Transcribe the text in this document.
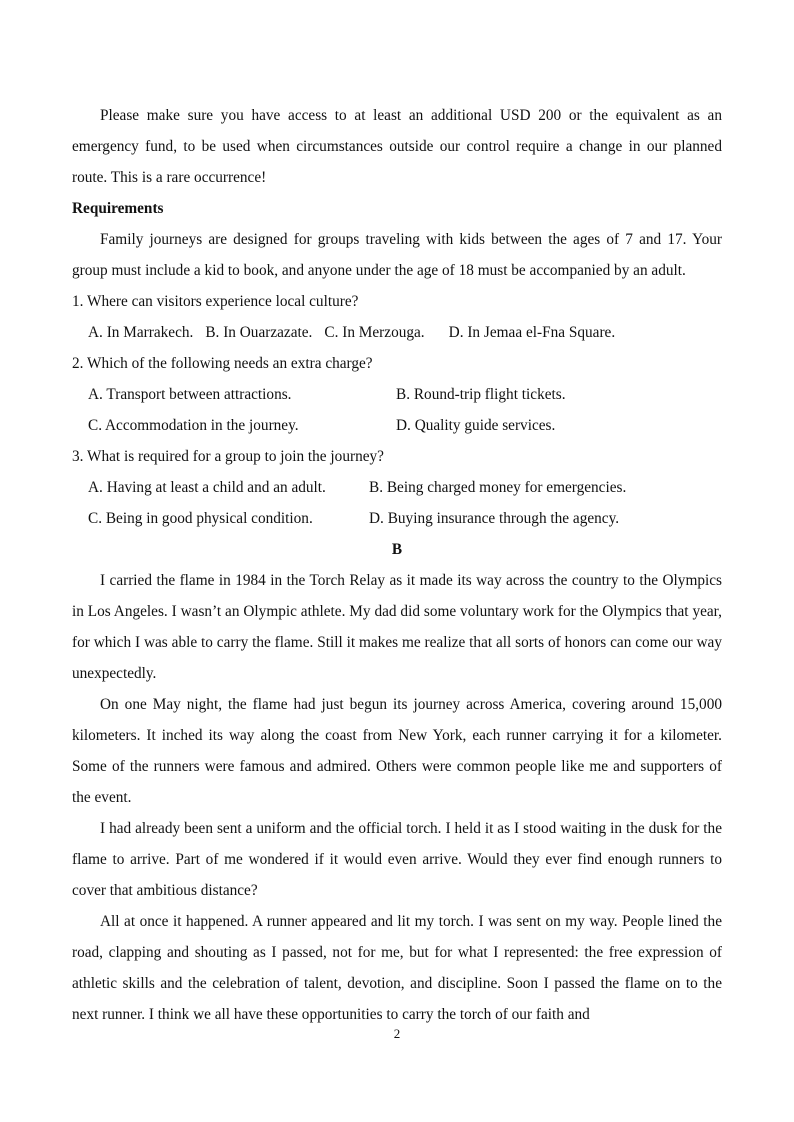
Please make sure you have access to at least an additional USD 200 or the equivalent as an emergency fund, to be used when circumstances outside our control require a change in our planned route. This is a rare occurrence!

Requirements

Family journeys are designed for groups traveling with kids between the ages of 7 and 17. Your group must include a kid to book, and anyone under the age of 18 must be accompanied by an adult.

1. Where can visitors experience local culture?

A. In Marrakech. B. In Ouarzazate. C. In Merzouga. D. In Jemaa el-Fna Square.

2. Which of the following needs an extra charge?

A. Transport between attractions.	B. Round-trip flight tickets.
C. Accommodation in the journey.	D. Quality guide services.

3. What is required for a group to join the journey?

A. Having at least a child and an adult.	B. Being charged money for emergencies.
C. Being in good physical condition.	D. Buying insurance through the agency.

B

I carried the flame in 1984 in the Torch Relay as it made its way across the country to the Olympics in Los Angeles. I wasn’t an Olympic athlete. My dad did some voluntary work for the Olympics that year, for which I was able to carry the flame. Still it makes me realize that all sorts of honors can come our way unexpectedly.

On one May night, the flame had just begun its journey across America, covering around 15,000 kilometers. It inched its way along the coast from New York, each runner carrying it for a kilometer. Some of the runners were famous and admired. Others were common people like me and supporters of the event.

I had already been sent a uniform and the official torch. I held it as I stood waiting in the dusk for the flame to arrive. Part of me wondered if it would even arrive. Would they ever find enough runners to cover that ambitious distance?

All at once it happened. A runner appeared and lit my torch. I was sent on my way. People lined the road, clapping and shouting as I passed, not for me, but for what I represented: the free expression of athletic skills and the celebration of talent, devotion, and discipline. Soon I passed the flame on to the next runner. I think we all have these opportunities to carry the torch of our faith and

2
